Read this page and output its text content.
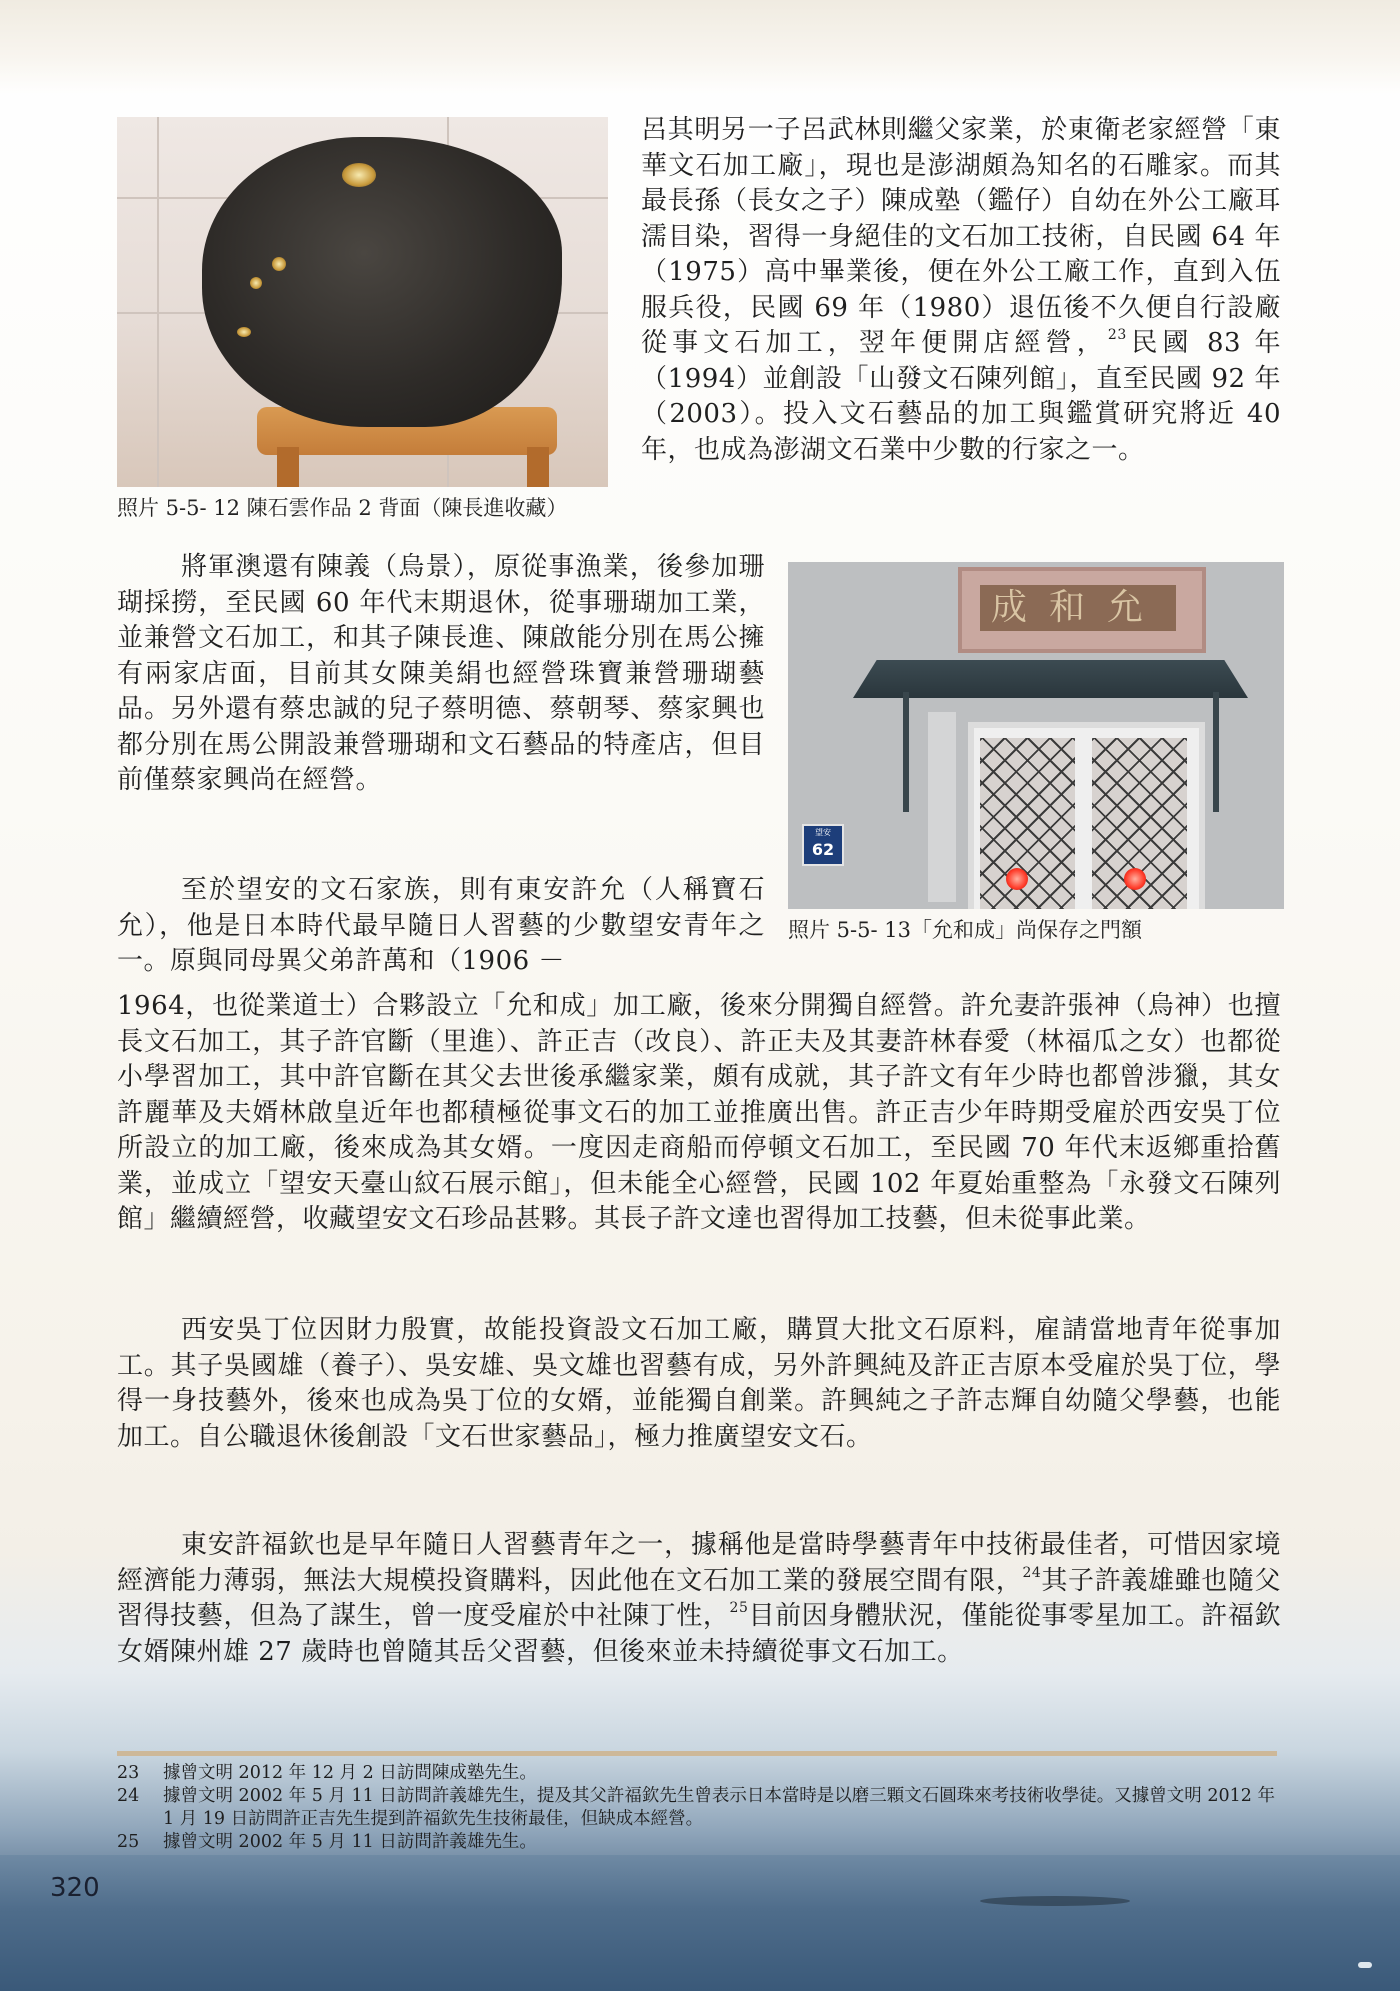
照片 5-5- 12 陳石雲作品 2 背面（陳長進收藏）
成和允
望安
62
照片 5-5- 13「允和成」尚保存之門額
呂其明另一子呂武林則繼父家業，於東衛老家經營「東華文石加工廠」，現也是澎湖頗為知名的石雕家。而其最長孫（長女之子）陳成塾（鑑仔）自幼在外公工廠耳濡目染，習得一身絕佳的文石加工技術，自民國 64 年（1975）高中畢業後，便在外公工廠工作，直到入伍服兵役，民國 69 年（1980）退伍後不久便自行設廠從事文石加工，翌年便開店經營，$^{23}$民國 83 年（1994）並創設「山發文石陳列館」，直至民國 92 年（2003）。投入文石藝品的加工與鑑賞研究將近 40 年，也成為澎湖文石業中少數的行家之一。
將軍澳還有陳義（烏景），原從事漁業，後參加珊瑚採撈，至民國 60 年代末期退休，從事珊瑚加工業，並兼營文石加工，和其子陳長進、陳啟能分別在馬公擁有兩家店面，目前其女陳美絹也經營珠寶兼營珊瑚藝品。另外還有蔡忠誠的兒子蔡明德、蔡朝琴、蔡家興也都分別在馬公開設兼營珊瑚和文石藝品的特產店，但目前僅蔡家興尚在經營。
至於望安的文石家族，則有東安許允（人稱寶石允），他是日本時代最早隨日人習藝的少數望安青年之一。原與同母異父弟許萬和（1906 －
1964，也從業道士）合夥設立「允和成」加工廠，後來分開獨自經營。許允妻許張神（烏神）也擅長文石加工，其子許官斷（里進）、許正吉（改良）、許正夫及其妻許林春愛（林福瓜之女）也都從小學習加工，其中許官斷在其父去世後承繼家業，頗有成就，其子許文有年少時也都曾涉獵，其女許麗華及夫婿林啟皇近年也都積極從事文石的加工並推廣出售。許正吉少年時期受雇於西安吳丁位所設立的加工廠，後來成為其女婿。一度因走商船而停頓文石加工，至民國 70 年代末返鄉重拾舊業，並成立「望安天臺山紋石展示館」，但未能全心經營，民國 102 年夏始重整為「永發文石陳列館」繼續經營，收藏望安文石珍品甚夥。其長子許文達也習得加工技藝，但未從事此業。
西安吳丁位因財力殷實，故能投資設文石加工廠，購買大批文石原料，雇請當地青年從事加工。其子吳國雄（養子）、吳安雄、吳文雄也習藝有成，另外許興純及許正吉原本受雇於吳丁位，學得一身技藝外，後來也成為吳丁位的女婿，並能獨自創業。許興純之子許志輝自幼隨父學藝，也能加工。自公職退休後創設「文石世家藝品」，極力推廣望安文石。
東安許福欽也是早年隨日人習藝青年之一，據稱他是當時學藝青年中技術最佳者，可惜因家境經濟能力薄弱，無法大規模投資購料，因此他在文石加工業的發展空間有限，$^{24}$其子許義雄雖也隨父習得技藝，但為了謀生，曾一度受雇於中社陳丁性，$^{25}$目前因身體狀況，僅能從事零星加工。許福欽女婿陳州雄 27 歲時也曾隨其岳父習藝，但後來並未持續從事文石加工。
23	據曾文明 2012 年 12 月 2 日訪問陳成塾先生。
24	據曾文明 2002 年 5 月 11 日訪問許義雄先生，提及其父許福欽先生曾表示日本當時是以磨三顆文石圓珠來考技術收學徒。又據曾文明 2012 年 1 月 19 日訪問許正吉先生提到許福欽先生技術最佳，但缺成本經營。
25	據曾文明 2002 年 5 月 11 日訪問許義雄先生。
320
